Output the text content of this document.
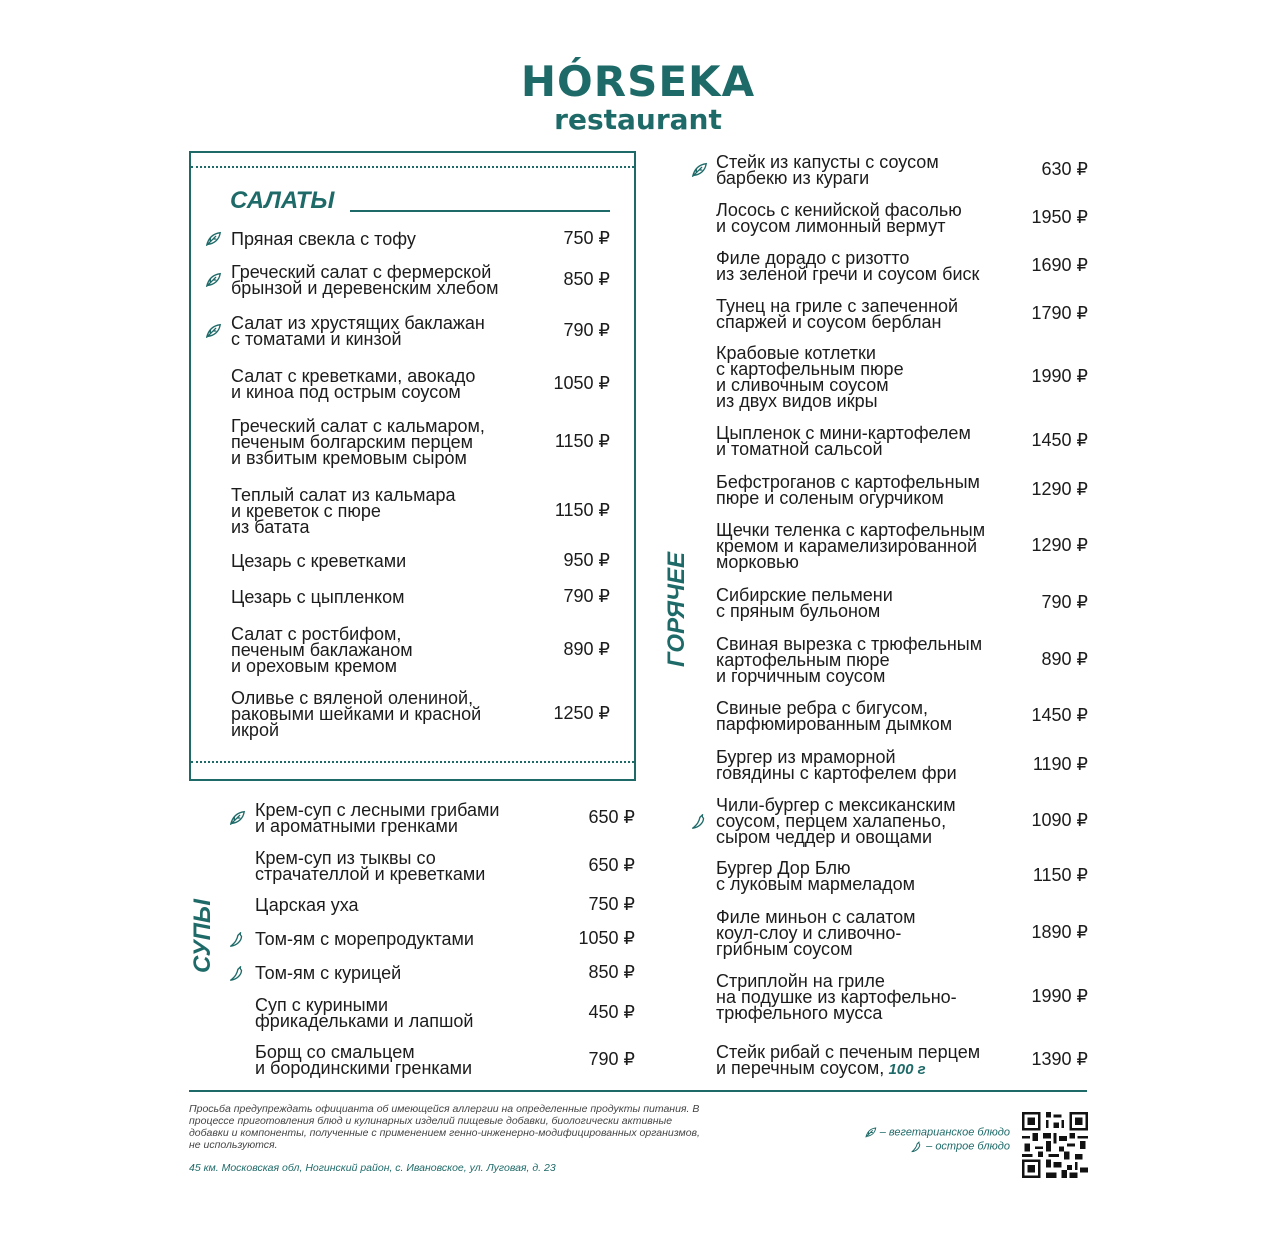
HÓRSEKA
restaurant
САЛАТЫ
ГОРЯЧЕЕ
СУПЫ
Пряная свекла с тофу	750 ₽
Греческий салат с фермерской
брынзой и деревенским хлебом	850 ₽
Салат из хрустящих баклажан
с томатами и кинзой	790 ₽
Салат с креветками, авокадо
и киноа под острым соусом	1050 ₽
Греческий салат с кальмаром,
печеным болгарским перцем
и взбитым кремовым сыром
1150 ₽
Теплый салат из кальмара
и креветок с пюре
из батата
1150 ₽
Цезарь с креветками	950 ₽
Цезарь с цыпленком	790 ₽
Салат с ростбифом,
печеным баклажаном
и ореховым кремом
890 ₽
Оливье с вяленой олениной,
раковыми шейками и красной
икрой
1250 ₽
Крем-суп с лесными грибами
и ароматными гренками	650 ₽
Крем-суп из тыквы со
страчателлой и креветками	650 ₽
Царская уха	750 ₽
Том-ям с морепродуктами	1050 ₽
Том-ям с курицей	850 ₽
Суп с куриными
фрикадельками и лапшой	450 ₽
Борщ со смальцем
и бородинскими гренками	790 ₽
Стейк из капусты с соусом
барбекю из кураги	630 ₽
Лосось с кенийской фасолью
и соусом лимонный вермут	1950 ₽
Филе дорадо с ризотто
из зеленой гречи и соусом биск	1690 ₽
Тунец на гриле с запеченной
спаржей и соусом берблан	1790 ₽
Крабовые котлетки
с картофельным пюре
и сливочным соусом
из двух видов икры
1990 ₽
Цыпленок с мини-картофелем
и томатной сальсой	1450 ₽
Бефстроганов с картофельным
пюре и соленым огурчиком	1290 ₽
Щечки теленка с картофельным
кремом и карамелизированной
морковью
1290 ₽
Сибирские пельмени
с пряным бульоном	790 ₽
Свиная вырезка с трюфельным
картофельным пюре
и горчичным соусом
890 ₽
Свиные ребра с бигусом,
парфюмированным дымком	1450 ₽
Бургер из мраморной
говядины с картофелем фри	1190 ₽
Чили-бургер с мексиканским
соусом, перцем халапеньо,
сыром чеддер и овощами
1090 ₽
Бургер Дор Блю
с луковым мармеладом	1150 ₽
Филе миньон с салатом
коул-слоу и сливочно-
грибным соусом
1890 ₽
Стриплойн на гриле
на подушке из картофельно-
трюфельного мусса
1990 ₽
Стейк рибай с печеным перцем
и перечным соусом, 100 г
1390 ₽
Просьба предупреждать официанта об имеющейся аллергии на определенные продукты питания. В процессе приготовления блюд и кулинарных изделий пищевые добавки, биологически активные добавки и компоненты, полученные с применением генно-инженерно-модифицированных организмов, не используются.
45 км. Московская обл, Ногинский район, с. Ивановское, ул. Луговая, д. 23
– вегетарианское блюдо
– острое блюдо
